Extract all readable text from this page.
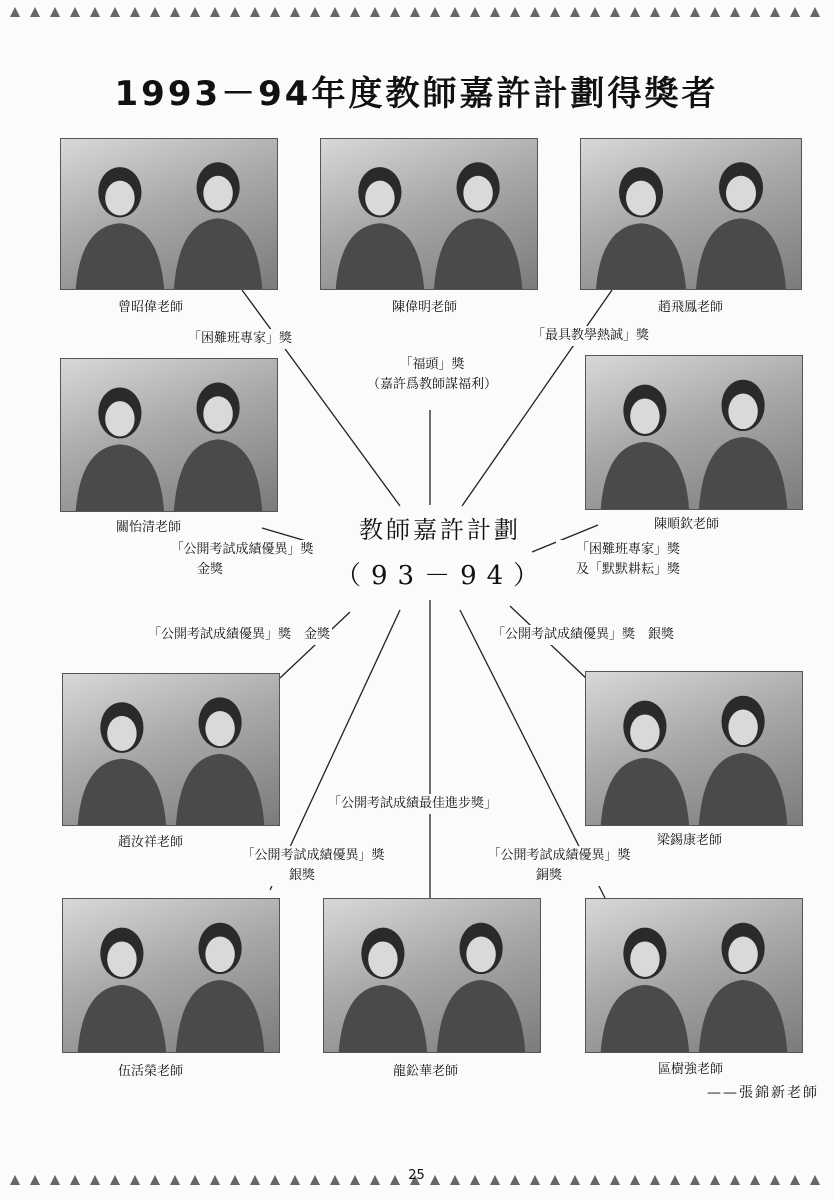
1993－94年度教師嘉許計劃得獎者
曾昭偉老師	陳偉明老師	趙飛鳳老師
關怡清老師	陳順欽老師
趙汝祥老師	梁錫康老師
伍活榮老師	龍鈆華老師	區樹強老師
「困難班專家」獎
「福頭」獎
（嘉許爲教師謀福利）
「最具教學熱誠」獎
「公開考試成績優異」獎
金獎
「困難班專家」獎
及「默默耕耘」獎
「公開考試成績優異」獎　金獎	「公開考試成績優異」獎　銀獎
「公開考試成績最佳進步獎」
「公開考試成績優異」獎
銀獎
「公開考試成績優異」獎
銅獎
教師嘉許計劃
（93－94）
——張錦新老師
25
